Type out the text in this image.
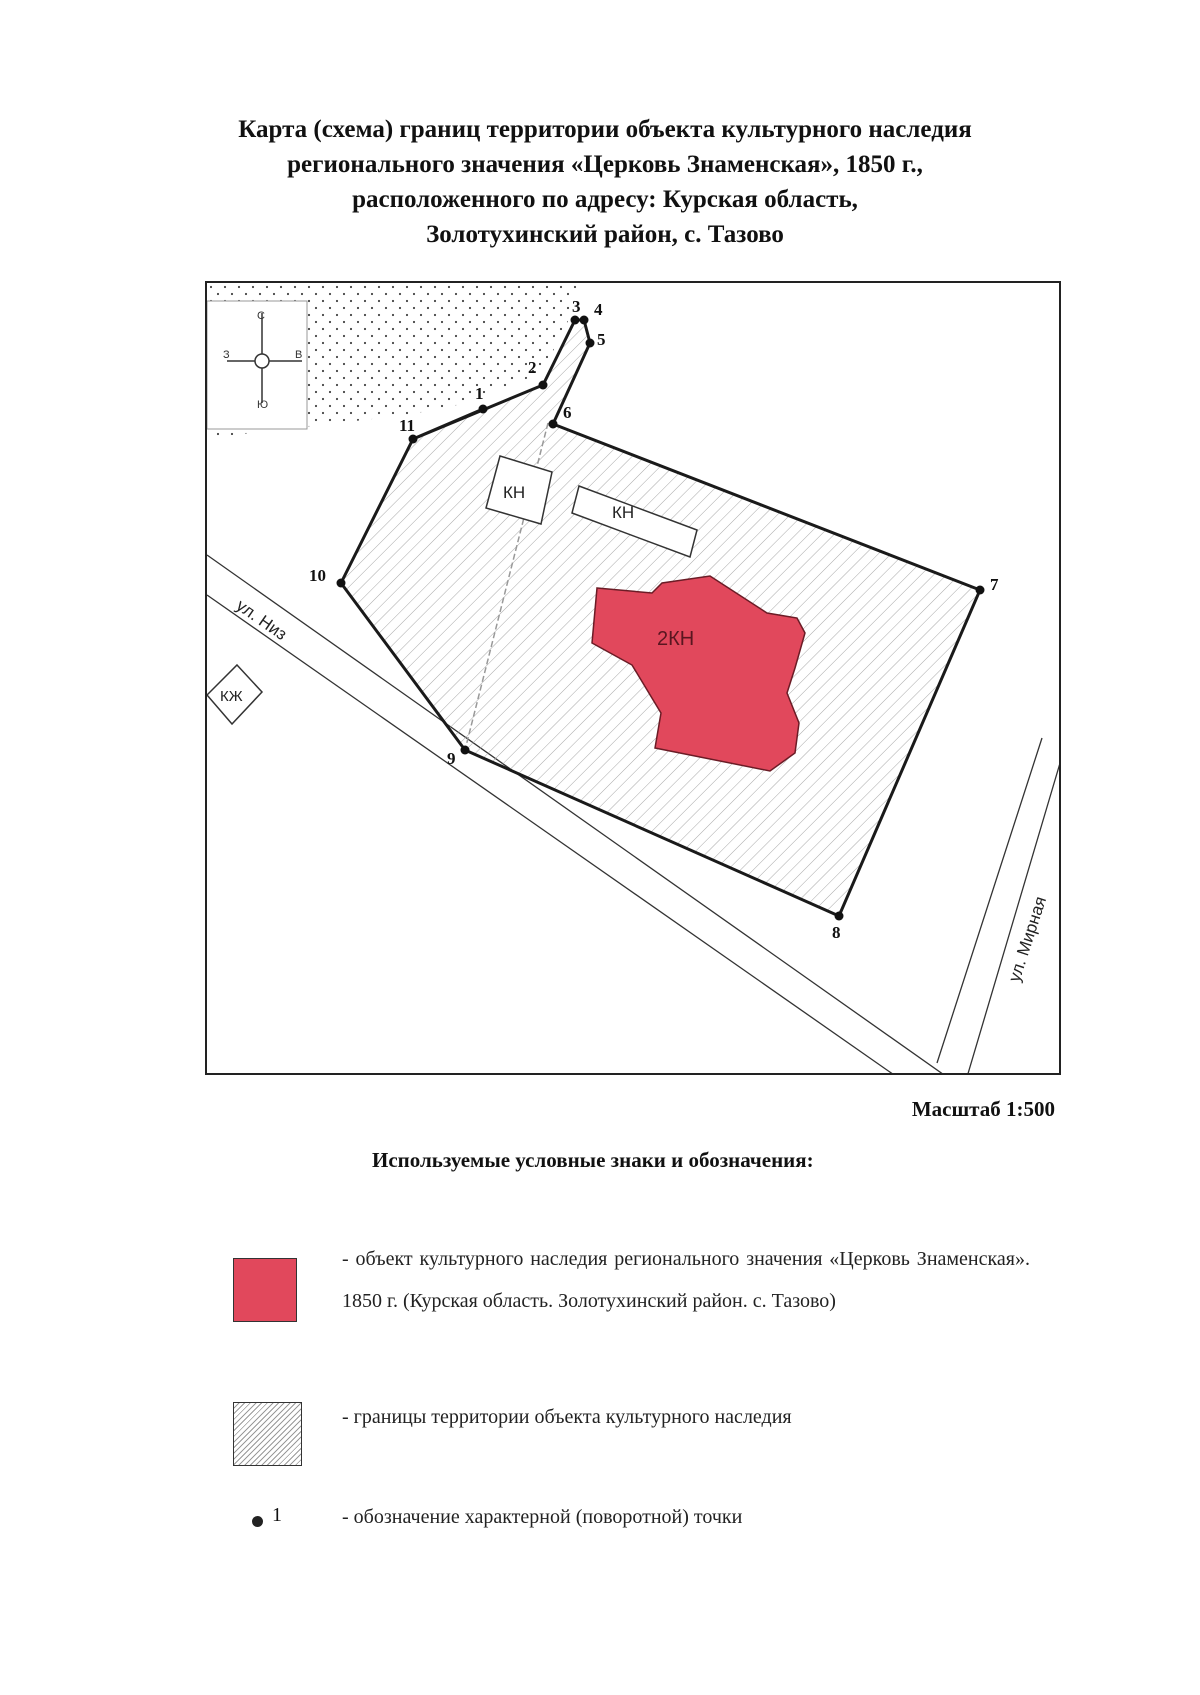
Карта (схема) границ территории объекта культурного наследия
регионального значения «Церковь Знаменская», 1850 г.,
расположенного по адресу: Курская область,
Золотухинский район, с. Тазово
1
2
3 4
5
6
7
8
9
10
11
С
Ю
З	В
КН
КН
2КН
КЖ
ул. Низ
ул. Мирная
Масштаб 1:500
Используемые условные знаки и обозначения:
- объект культурного наследия регионального значения «Церковь Знаменская». 1850 г. (Курская область. Золотухинский район. с. Тазово)
- границы территории объекта культурного наследия
1	- обозначение характерной (поворотной) точки
